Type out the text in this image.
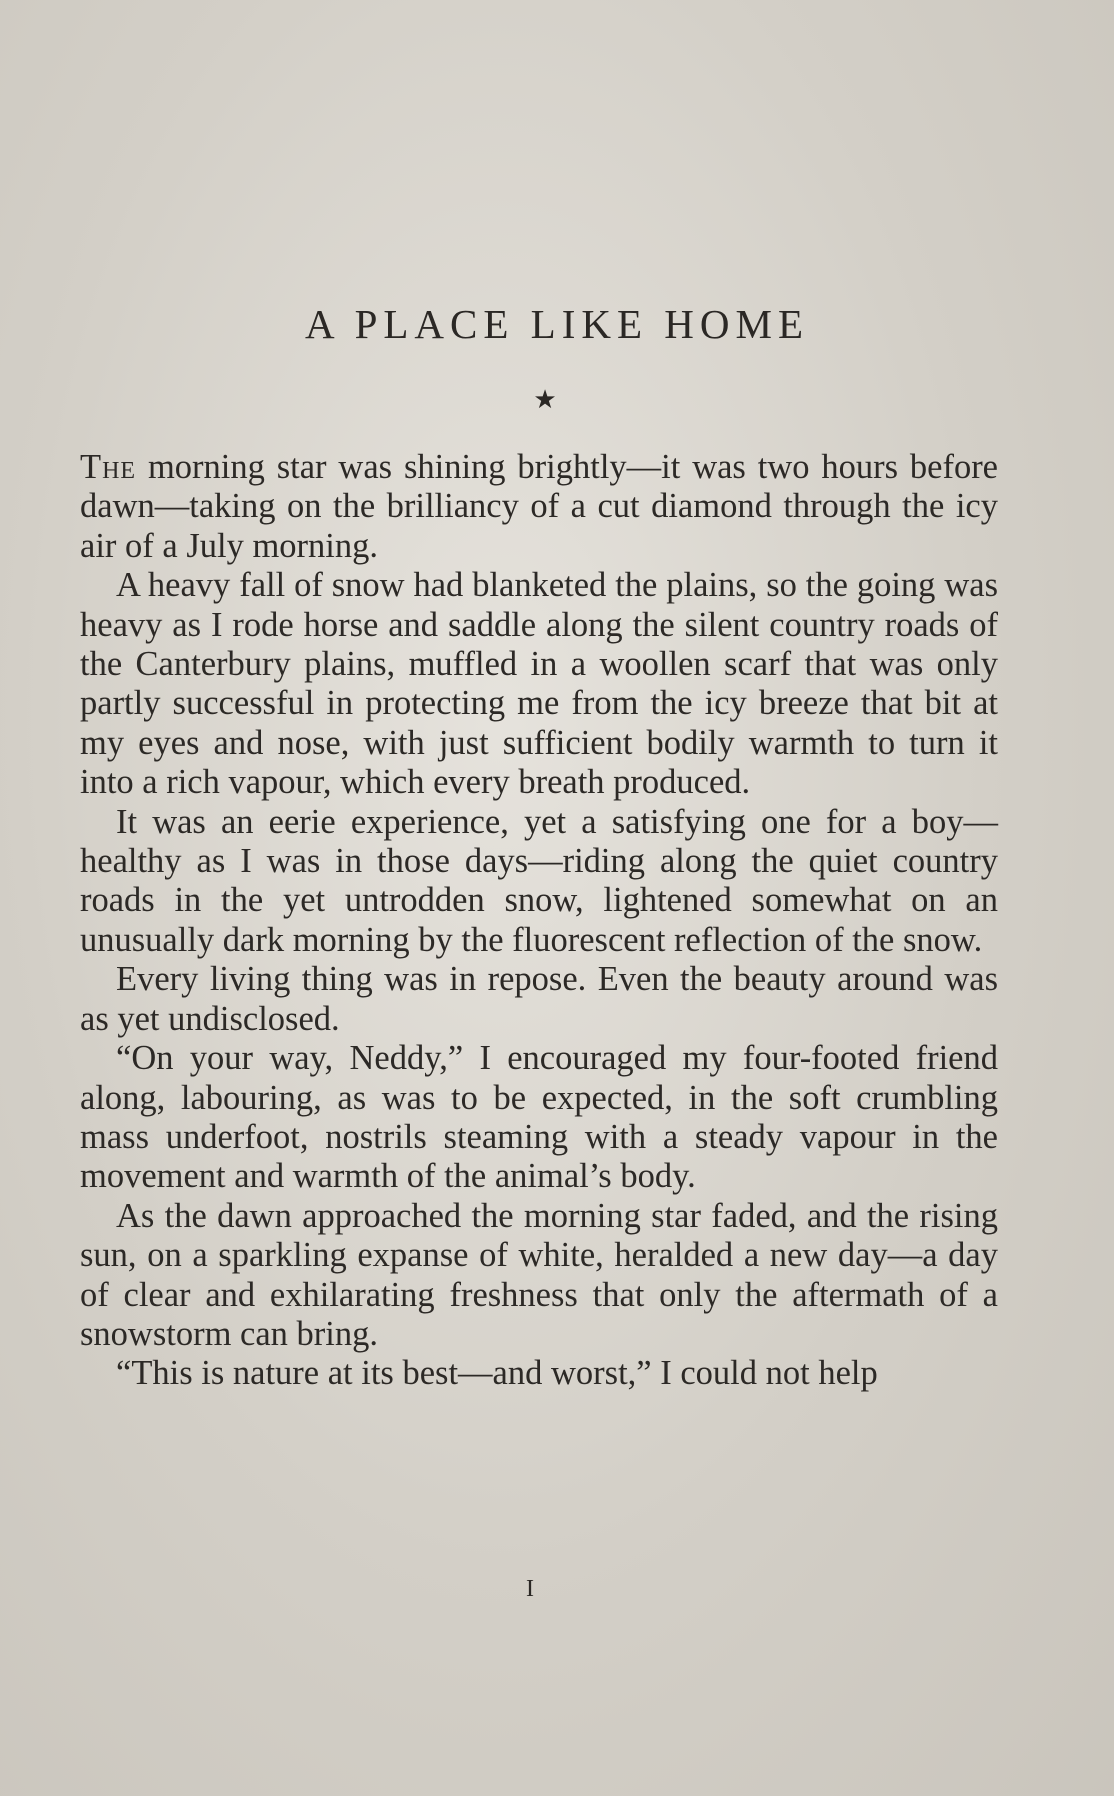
A PLACE LIKE HOME
★

The morning star was shining brightly—it was two hours before dawn—taking on the brilliancy of a cut diamond through the icy air of a July morning.

A heavy fall of snow had blanketed the plains, so the going was heavy as I rode horse and saddle along the silent country roads of the Canterbury plains, muffled in a woollen scarf that was only partly successful in protecting me from the icy breeze that bit at my eyes and nose, with just sufficient bodily warmth to turn it into a rich vapour, which every breath produced.

It was an eerie experience, yet a satisfying one for a boy—healthy as I was in those days—riding along the quiet country roads in the yet untrodden snow, lightened somewhat on an unusually dark morning by the fluorescent reflection of the snow.

Every living thing was in repose. Even the beauty around was as yet undisclosed.

“On your way, Neddy,” I encouraged my four-footed friend along, labouring, as was to be expected, in the soft crumbling mass underfoot, nostrils steaming with a steady vapour in the movement and warmth of the animal’s body.

As the dawn approached the morning star faded, and the rising sun, on a sparkling expanse of white, heralded a new day—a day of clear and exhilarating freshness that only the aftermath of a snowstorm can bring.

“This is nature at its best—and worst,” I could not help

I
